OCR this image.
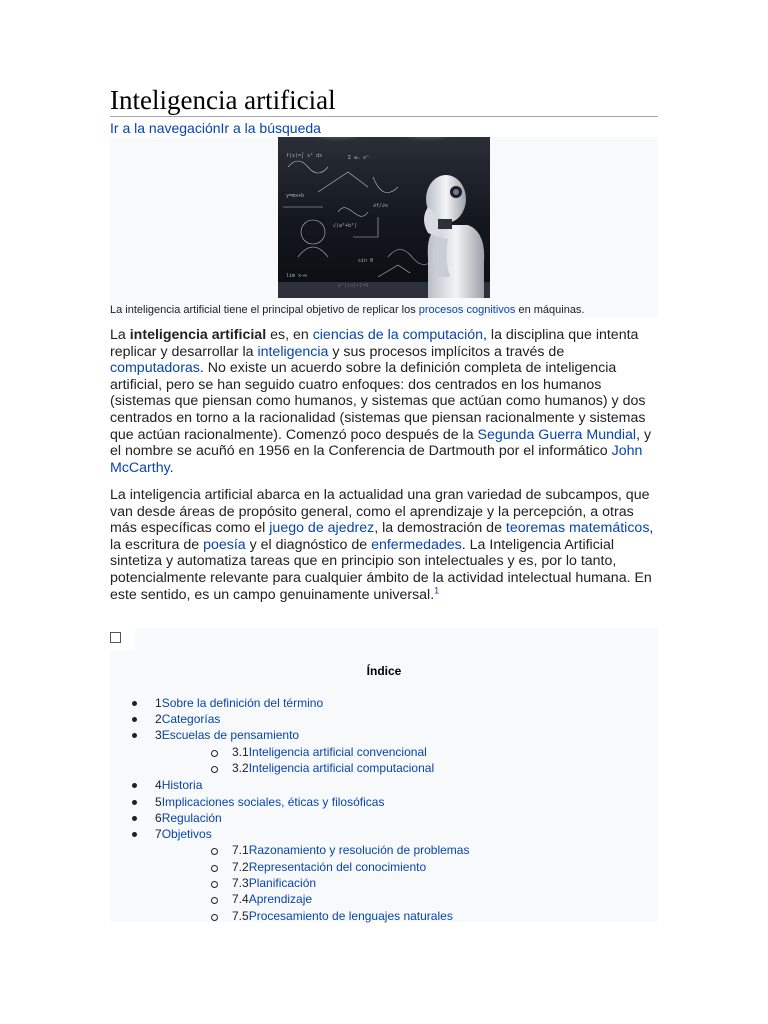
Inteligencia artificial
Ir a la navegaciónIr a la búsqueda
f(x)=∫ x² dx	Σ aₙ xⁿ
y=mx+b
√(a²+b²)
lim x→∞
∂f/∂x
sin θ
La inteligencia artificial tiene el principal objetivo de replicar los procesos cognitivos en máquinas.

La inteligencia artificial es, en ciencias de la computación, la disciplina que intenta replicar y desarrollar la inteligencia y sus procesos implícitos a través de computadoras. No existe un acuerdo sobre la definición completa de inteligencia artificial, pero se han seguido cuatro enfoques: dos centrados en los humanos (sistemas que piensan como humanos, y sistemas que actúan como humanos) y dos centrados en torno a la racionalidad (sistemas que piensan racionalmente y sistemas que actúan racionalmente). Comenzó poco después de la Segunda Guerra Mundial, y el nombre se acuñó en 1956 en la Conferencia de Dartmouth por el informático John McCarthy.

La inteligencia artificial abarca en la actualidad una gran variedad de subcampos, que van desde áreas de propósito general, como el aprendizaje y la percepción, a otras más específicas como el juego de ajedrez, la demostración de teoremas matemáticos, la escritura de poesía y el diagnóstico de enfermedades. La Inteligencia Artificial sintetiza y automatiza tareas que en principio son intelectuales y es, por lo tanto, potencialmente relevante para cualquier ámbito de la actividad intelectual humana. En este sentido, es un campo genuinamente universal.$^1$

Índice
1Sobre la definición del término
2Categorías
3Escuelas de pensamiento
3.1Inteligencia artificial convencional
3.2Inteligencia artificial computacional
4Historia
5Implicaciones sociales, éticas y filosóficas
6Regulación
7Objetivos
7.1Razonamiento y resolución de problemas
7.2Representación del conocimiento
7.3Planificación
7.4Aprendizaje
7.5Procesamiento de lenguajes naturales
